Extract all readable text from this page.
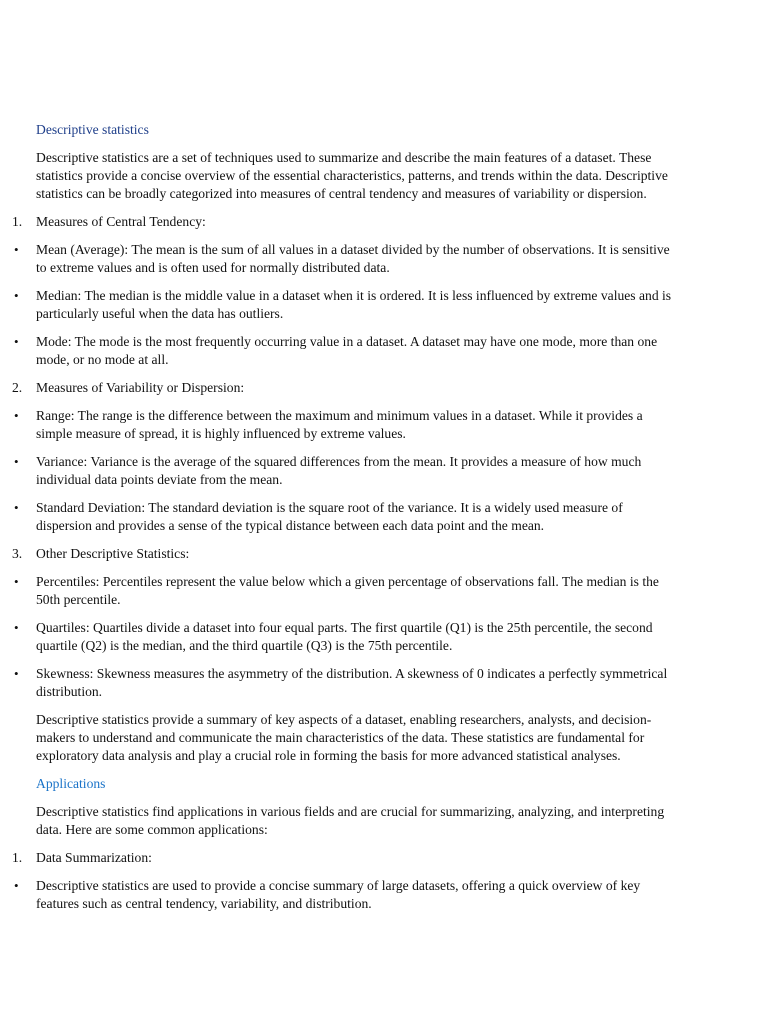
Descriptive statistics

Descriptive statistics are a set of techniques used to summarize and describe the main features of a dataset. These statistics provide a concise overview of the essential characteristics, patterns, and trends within the data. Descriptive statistics can be broadly categorized into measures of central tendency and measures of variability or dispersion.

1.	Measures of Central Tendency:
•	Mean (Average): The mean is the sum of all values in a dataset divided by the number of observations. It is sensitive to extreme values and is often used for normally distributed data.
•	Median: The median is the middle value in a dataset when it is ordered. It is less influenced by extreme values and is particularly useful when the data has outliers.
•	Mode: The mode is the most frequently occurring value in a dataset. A dataset may have one mode, more than one mode, or no mode at all.
2.	Measures of Variability or Dispersion:
•	Range: The range is the difference between the maximum and minimum values in a dataset. While it provides a simple measure of spread, it is highly influenced by extreme values.
•	Variance: Variance is the average of the squared differences from the mean. It provides a measure of how much individual data points deviate from the mean.
•	Standard Deviation: The standard deviation is the square root of the variance. It is a widely used measure of dispersion and provides a sense of the typical distance between each data point and the mean.
3.	Other Descriptive Statistics:
•	Percentiles: Percentiles represent the value below which a given percentage of observations fall. The median is the 50th percentile.
•	Quartiles: Quartiles divide a dataset into four equal parts. The first quartile (Q1) is the 25th percentile, the second quartile (Q2) is the median, and the third quartile (Q3) is the 75th percentile.
•	Skewness: Skewness measures the asymmetry of the distribution. A skewness of 0 indicates a perfectly symmetrical distribution.

Descriptive statistics provide a summary of key aspects of a dataset, enabling researchers, analysts, and decision-makers to understand and communicate the main characteristics of the data. These statistics are fundamental for exploratory data analysis and play a crucial role in forming the basis for more advanced statistical analyses.

Applications

Descriptive statistics find applications in various fields and are crucial for summarizing, analyzing, and interpreting data. Here are some common applications:

1.	Data Summarization:
•	Descriptive statistics are used to provide a concise summary of large datasets, offering a quick overview of key features such as central tendency, variability, and distribution.
